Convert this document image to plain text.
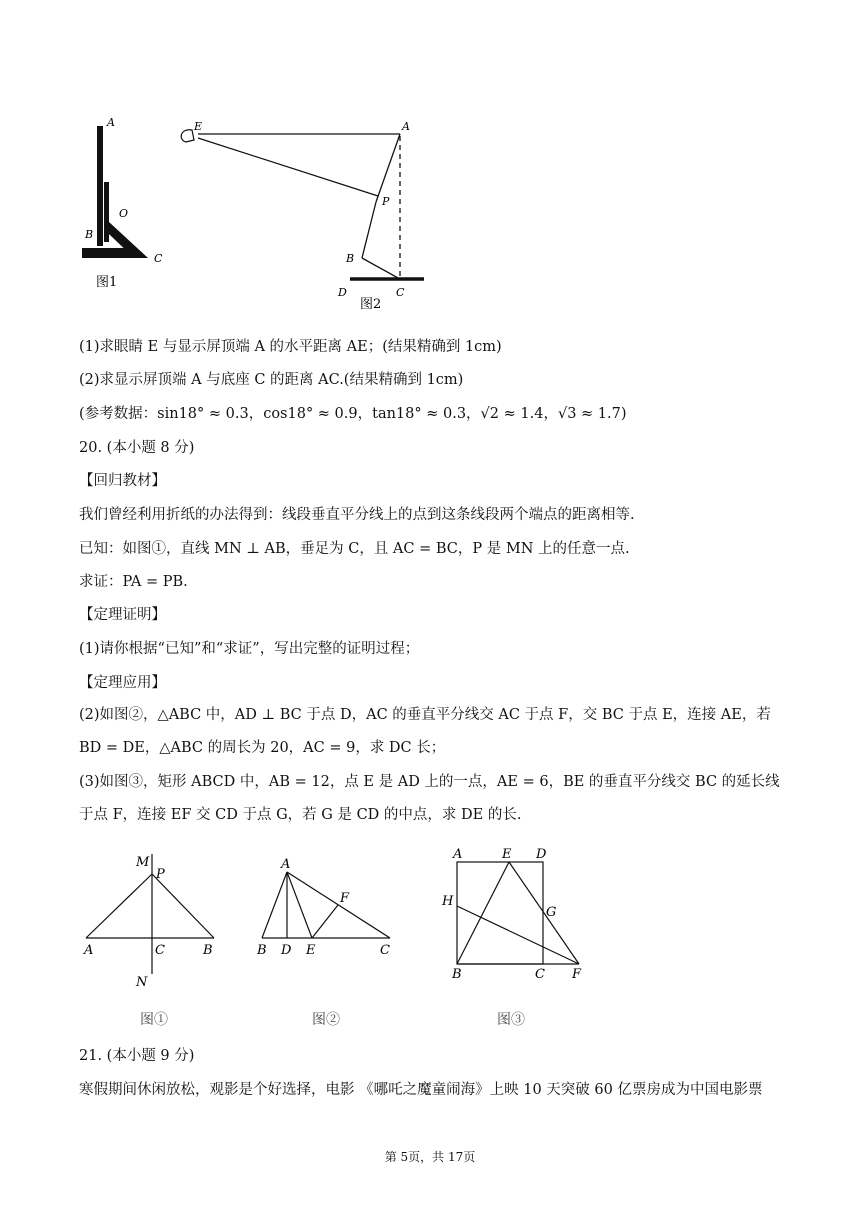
A
O
B
C
图1
E	A
P
B
D	C
图2
(1)求眼睛 E 与显示屏顶端 A 的水平距离 AE；(结果精确到 1cm)
(2)求显示屏顶端 A 与底座 C 的距离 AC.(结果精确到 1cm)
(参考数据：sin18° ≈ 0.3，cos18° ≈ 0.9，tan18° ≈ 0.3，√2 ≈ 1.4，√3 ≈ 1.7)
20. (本小题 8 分)
【回归教材】
我们曾经利用折纸的办法得到：线段垂直平分线上的点到这条线段两个端点的距离相等.
已知：如图①，直线 MN ⊥ AB，垂足为 C，且 AC = BC，P 是 MN 上的任意一点.
求证：PA = PB.
【定理证明】
(1)请你根据“已知”和“求证”，写出完整的证明过程；
【定理应用】
(2)如图②，△ABC 中，AD ⊥ BC 于点 D，AC 的垂直平分线交 AC 于点 F，交 BC 于点 E，连接 AE，若 BD = DE，△ABC 的周长为 20，AC = 9，求 DC 长；
(3)如图③，矩形 ABCD 中，AB = 12，点 E 是 AD 上的一点，AE = 6，BE 的垂直平分线交 BC 的延长线于点 F，连接 EF 交 CD 于点 G，若 G 是 CD 的中点，求 DE 的长.
M
P
A	C	B
N
图①
A
F
B D E	C
图②
A	E D
H
G
B	C F
图③
21. (本小题 9 分)
寒假期间休闲放松，观影是个好选择，电影 《哪吒之魔童闹海》上映 10 天突破 60 亿票房成为中国电影票
第 5页，共 17页
